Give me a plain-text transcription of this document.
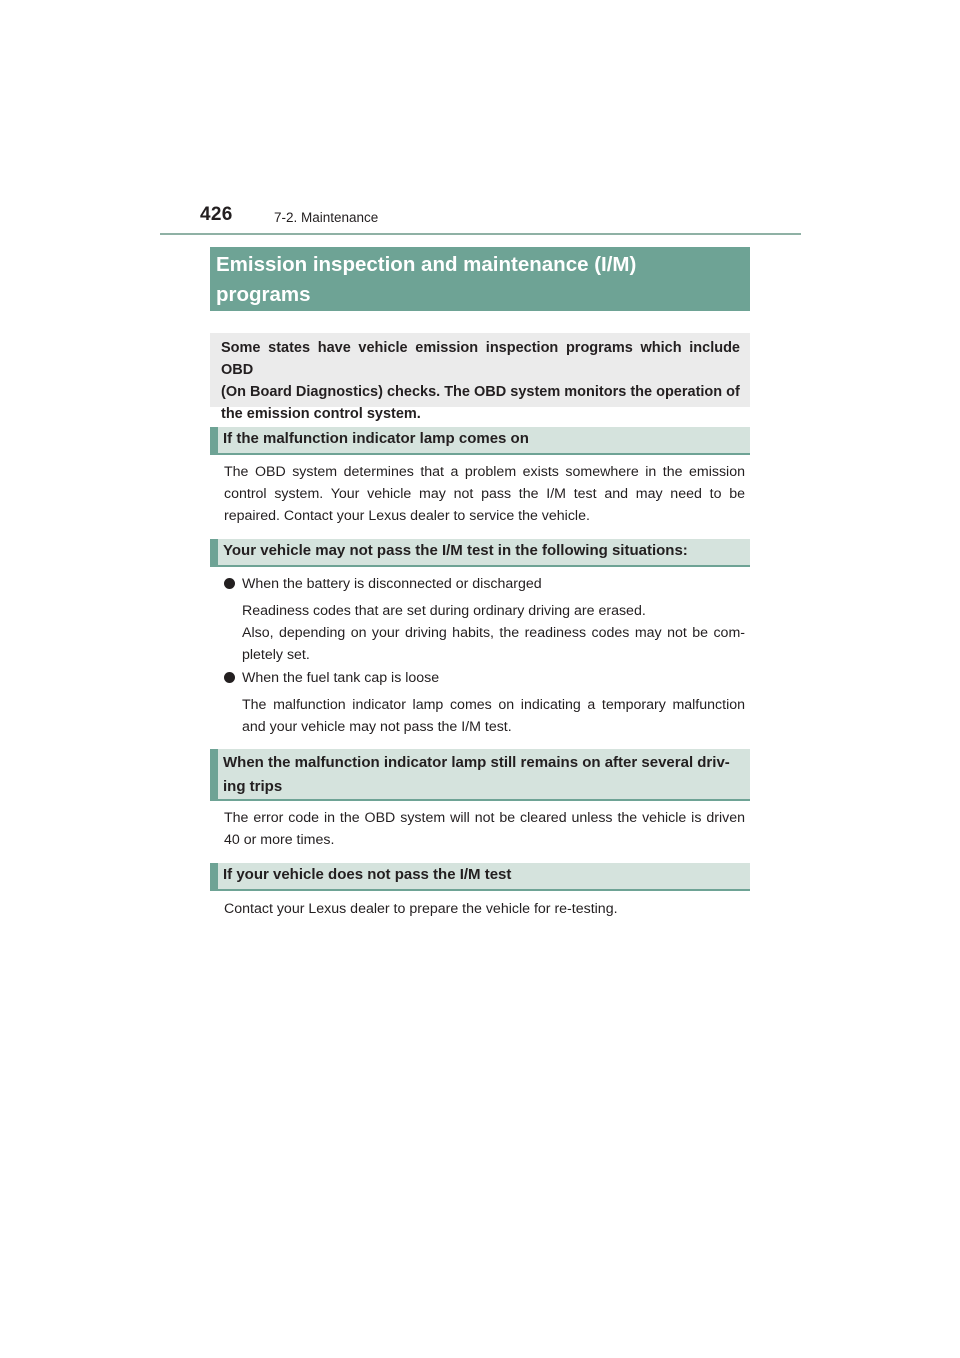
426	7-2. Maintenance
Emission inspection and maintenance (I/M)
programs
Some states have vehicle emission inspection programs which include OBD
(On Board Diagnostics) checks. The OBD system monitors the operation of
the emission control system.
If the malfunction indicator lamp comes on
The OBD system determines that a problem exists somewhere in the emission
control system. Your vehicle may not pass the I/M test and may need to be
repaired. Contact your Lexus dealer to service the vehicle.
Your vehicle may not pass the I/M test in the following situations:
When the battery is disconnected or discharged
Readiness codes that are set during ordinary driving are erased.
Also, depending on your driving habits, the readiness codes may not be com-
pletely set.
When the fuel tank cap is loose
The malfunction indicator lamp comes on indicating a temporary malfunction
and your vehicle may not pass the I/M test.
When the malfunction indicator lamp still remains on after several driv-
ing trips
The error code in the OBD system will not be cleared unless the vehicle is driven
40 or more times.
If your vehicle does not pass the I/M test
Contact your Lexus dealer to prepare the vehicle for re-testing.
